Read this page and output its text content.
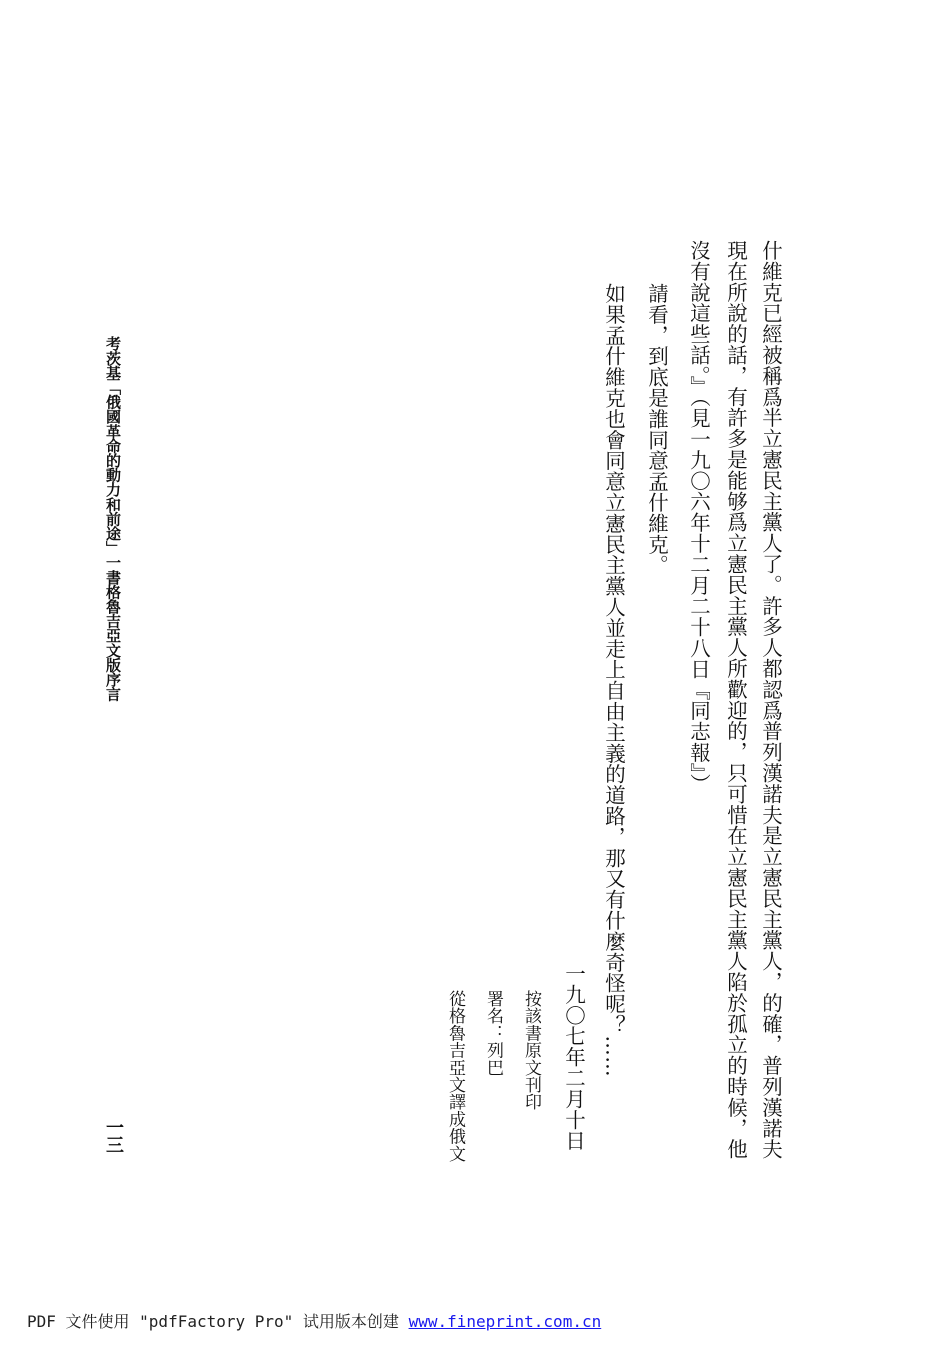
什維克已經被稱爲半立憲民主黨人了。許多人都認爲普列漢諾夫是立憲民主黨人，的確，普列漢諾夫
現在所說的話，有許多是能够爲立憲民主黨人所歡迎的，只可惜在立憲民主黨人陷於孤立的時候，他
沒有說這些話。』（見一九〇六年十二月二十八日『同志報』）
請看，到底是誰同意孟什維克。
如果孟什維克也會同意立憲民主黨人並走上自由主義的道路，那又有什麼奇怪呢？……
一九〇七年二月十日
按該書原文刊印
署名：列巴
從格魯吉亞文譯成俄文
考茨基「俄國革命的動力和前途」一書格魯吉亞文版序言
一三
PDF 文件使用 "pdfFactory Pro" 试用版本创建 www.fineprint.com.cn
